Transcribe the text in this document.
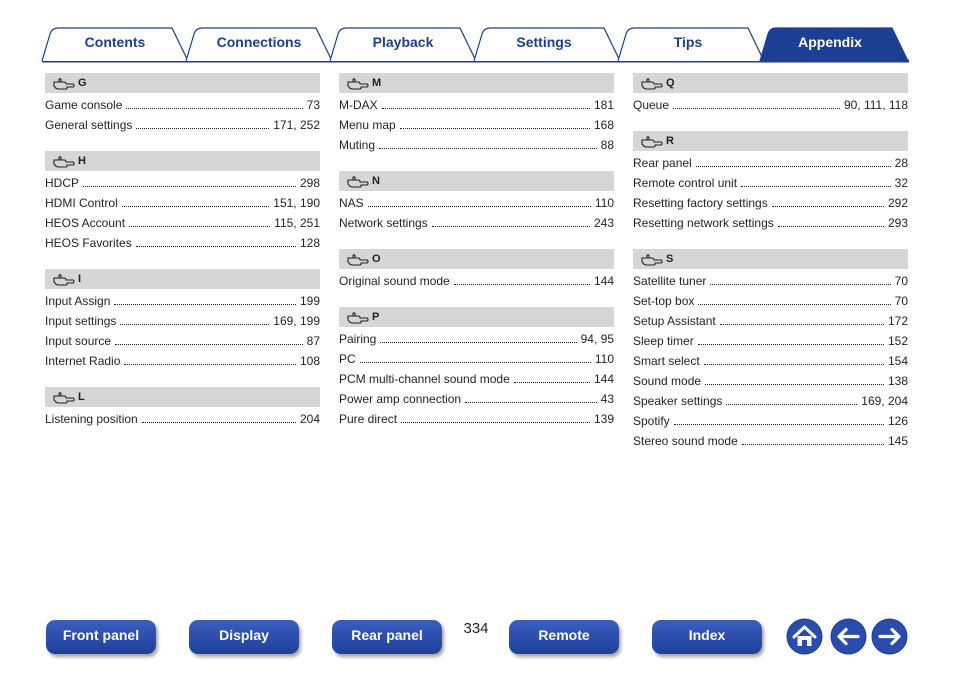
Contents	Connections	Playback	Settings	Tips	Appendix
G
Game console	73
General settings	171, 252
H
HDCP	298
HDMI Control	151, 190
HEOS Account	115, 251
HEOS Favorites	128
I
Input Assign	199
Input settings	169, 199
Input source	87
Internet Radio	108
L
Listening position	204
M
M-DAX	181
Menu map	168
Muting	88
N
NAS	110
Network settings	243
O
Original sound mode	144
P
Pairing	94, 95
PC	110
PCM multi-channel sound mode	144
Power amp connection	43
Pure direct	139
Q
Queue	90, 111, 118
R
Rear panel	28
Remote control unit	32
Resetting factory settings	292
Resetting network settings	293
S
Satellite tuner	70
Set-top box	70
Setup Assistant	172
Sleep timer	152
Smart select	154
Sound mode	138
Speaker settings	169, 204
Spotify	126
Stereo sound mode	145
Front panel	Display	Rear panel	334	Remote	Index
